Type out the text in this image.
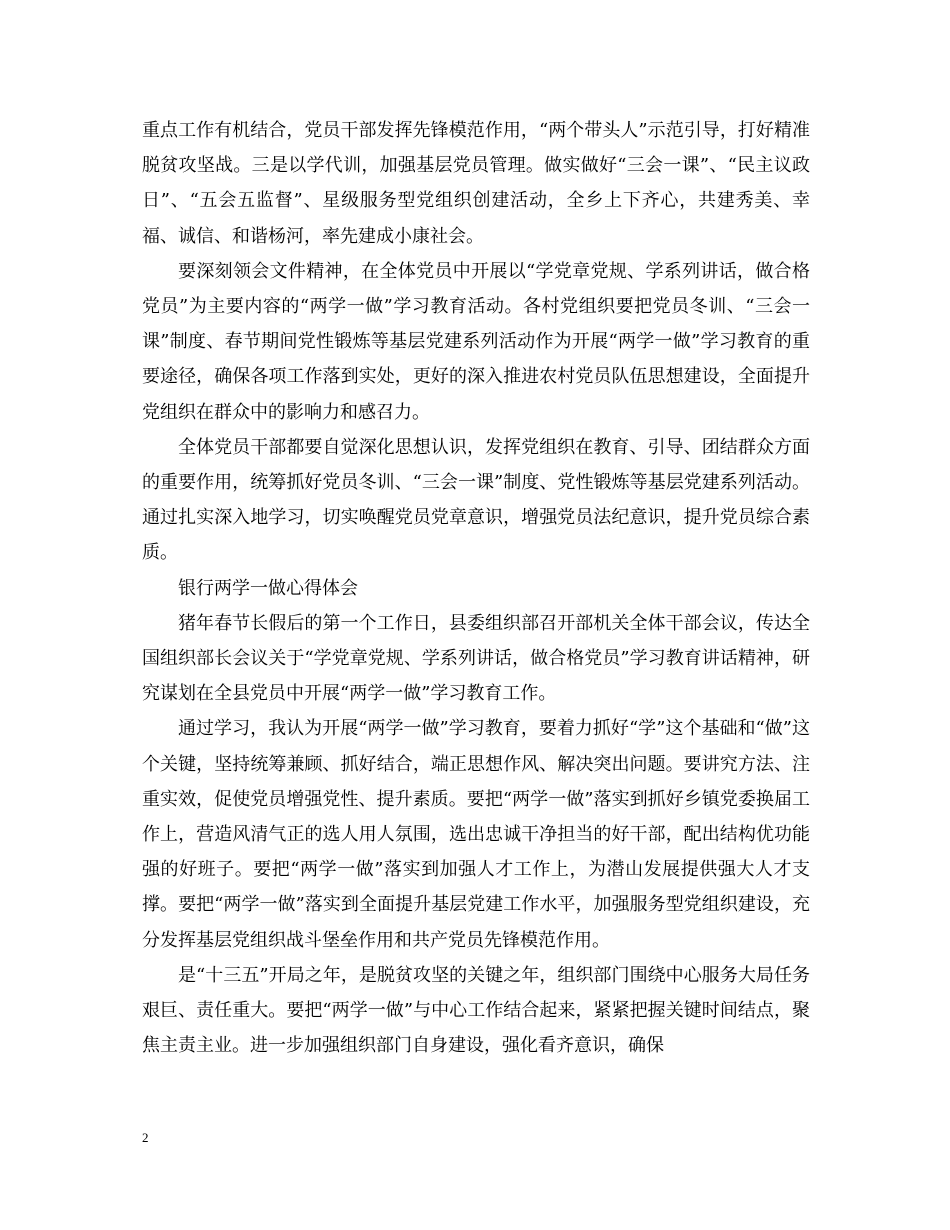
重点工作有机结合，党员干部发挥先锋模范作用，“两个带头人”示范引导，打好精准脱贫攻坚战。三是以学代训，加强基层党员管理。做实做好“三会一课”、“民主议政日”、“五会五监督”、星级服务型党组织创建活动，全乡上下齐心，共建秀美、幸福、诚信、和谐杨河，率先建成小康社会。

要深刻领会文件精神，在全体党员中开展以“学党章党规、学系列讲话，做合格党员”为主要内容的“两学一做”学习教育活动。各村党组织要把党员冬训、“三会一课”制度、春节期间党性锻炼等基层党建系列活动作为开展“两学一做”学习教育的重要途径，确保各项工作落到实处，更好的深入推进农村党员队伍思想建设，全面提升党组织在群众中的影响力和感召力。

全体党员干部都要自觉深化思想认识，发挥党组织在教育、引导、团结群众方面的重要作用，统筹抓好党员冬训、“三会一课”制度、党性锻炼等基层党建系列活动。通过扎实深入地学习，切实唤醒党员党章意识，增强党员法纪意识，提升党员综合素质。

银行两学一做心得体会

猪年春节长假后的第一个工作日，县委组织部召开部机关全体干部会议，传达全国组织部长会议关于“学党章党规、学系列讲话，做合格党员”学习教育讲话精神，研究谋划在全县党员中开展“两学一做”学习教育工作。

通过学习，我认为开展“两学一做”学习教育，要着力抓好“学”这个基础和“做”这个关键，坚持统筹兼顾、抓好结合，端正思想作风、解决突出问题。要讲究方法、注重实效，促使党员增强党性、提升素质。要把“两学一做”落实到抓好乡镇党委换届工作上，营造风清气正的选人用人氛围，选出忠诚干净担当的好干部，配出结构优功能强的好班子。要把“两学一做”落实到加强人才工作上，为潜山发展提供强大人才支撑。要把“两学一做”落实到全面提升基层党建工作水平，加强服务型党组织建设，充分发挥基层党组织战斗堡垒作用和共产党员先锋模范作用。

是“十三五”开局之年，是脱贫攻坚的关键之年，组织部门围绕中心服务大局任务艰巨、责任重大。要把“两学一做”与中心工作结合起来，紧紧把握关键时间结点，聚焦主责主业。进一步加强组织部门自身建设，强化看齐意识，确保

2
